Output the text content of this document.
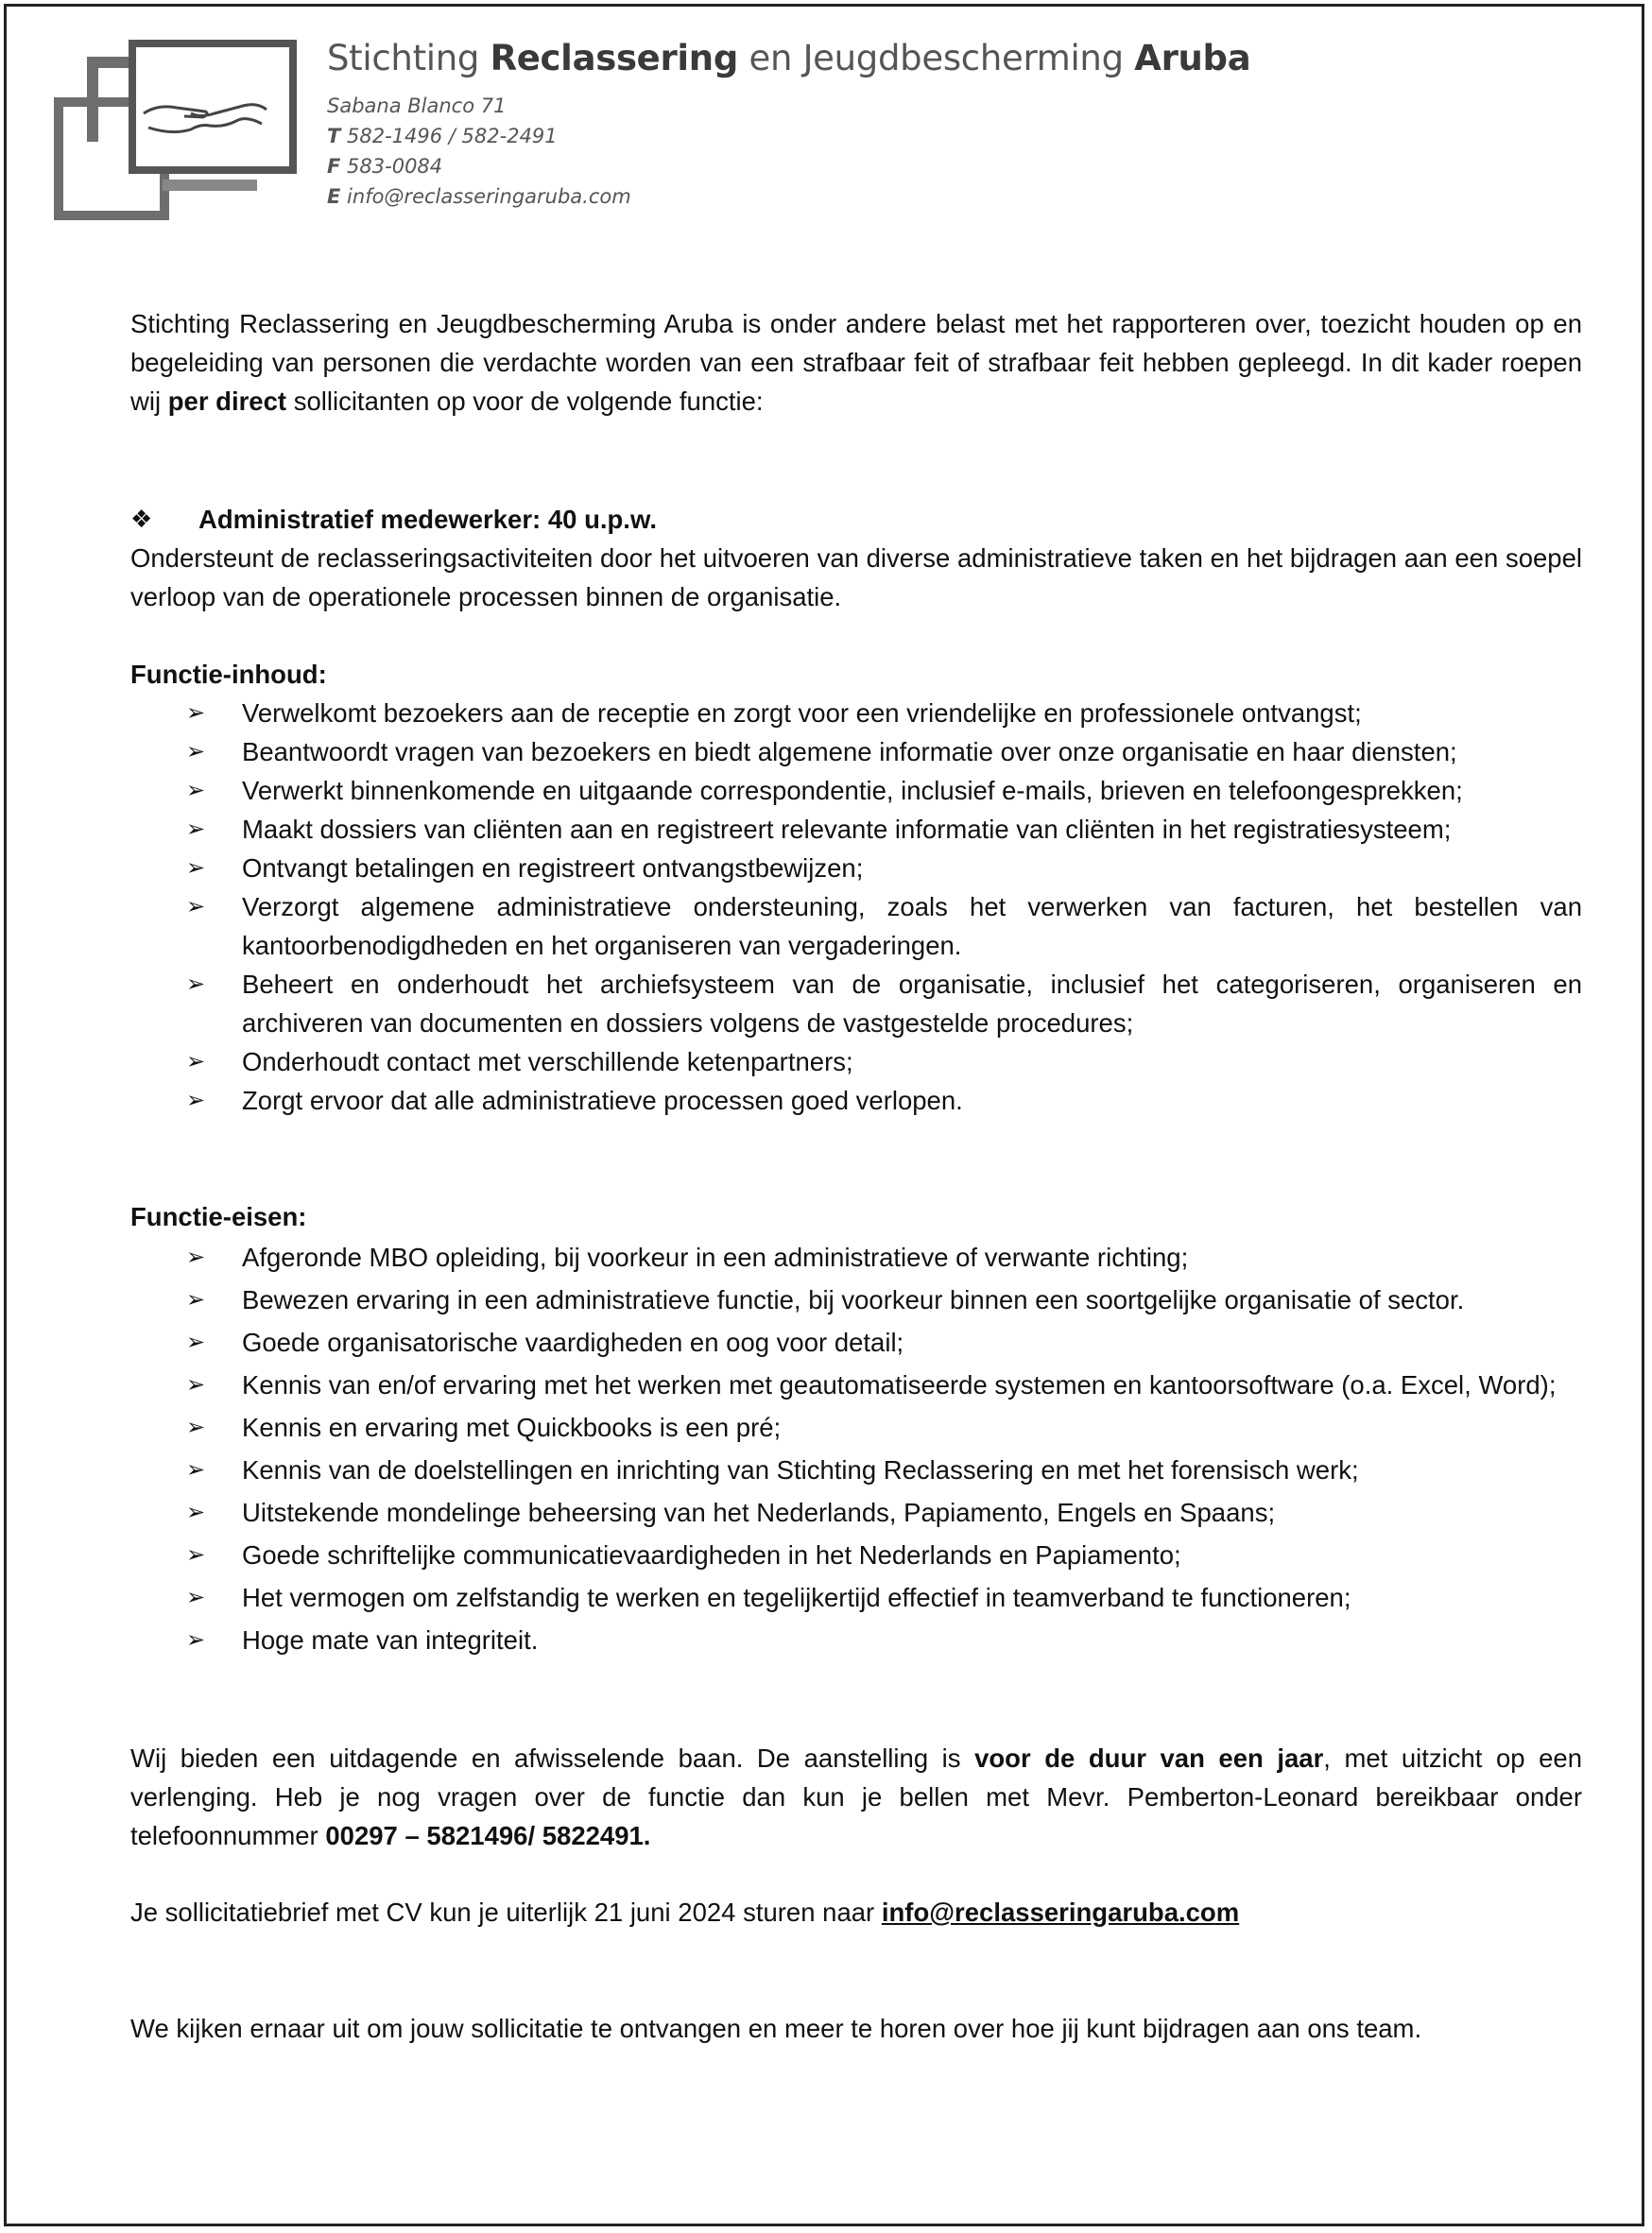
Stichting Reclassering en Jeugdbescherming Aruba
Sabana Blanco 71
T 582-1496 / 582-2491
F 583-0084
E info@reclasseringaruba.com

Stichting Reclassering en Jeugdbescherming Aruba is onder andere belast met het rapporteren over, toezicht houden op en begeleiding van personen die verdachte worden van een strafbaar feit of strafbaar feit hebben gepleegd. In dit kader roepen wij per direct sollicitanten op voor de volgende functie:

❖	Administratief medewerker: 40 u.p.w.

Ondersteunt de reclasseringsactiviteiten door het uitvoeren van diverse administratieve taken en het bijdragen aan een soepel verloop van de operationele processen binnen de organisatie.

Functie-inhoud:
➢ Verwelkomt bezoekers aan de receptie en zorgt voor een vriendelijke en professionele ontvangst;
➢ Beantwoordt vragen van bezoekers en biedt algemene informatie over onze organisatie en haar diensten;
➢ Verwerkt binnenkomende en uitgaande correspondentie, inclusief e-mails, brieven en telefoongesprekken;
➢ Maakt dossiers van cliënten aan en registreert relevante informatie van cliënten in het registratiesysteem;
➢ Ontvangt betalingen en registreert ontvangstbewijzen;
➢ Verzorgt algemene administratieve ondersteuning, zoals het verwerken van facturen, het bestellen van kantoorbenodigdheden en het organiseren van vergaderingen.
➢ Beheert en onderhoudt het archiefsysteem van de organisatie, inclusief het categoriseren, organiseren en archiveren van documenten en dossiers volgens de vastgestelde procedures;
➢ Onderhoudt contact met verschillende ketenpartners;
➢ Zorgt ervoor dat alle administratieve processen goed verlopen.
Functie-eisen:
➢ Afgeronde MBO opleiding, bij voorkeur in een administratieve of verwante richting;
➢ Bewezen ervaring in een administratieve functie, bij voorkeur binnen een soortgelijke organisatie of sector.
➢ Goede organisatorische vaardigheden en oog voor detail;
➢ Kennis van en/of ervaring met het werken met geautomatiseerde systemen en kantoorsoftware (o.a. Excel, Word);
➢ Kennis en ervaring met Quickbooks is een pré;
➢ Kennis van de doelstellingen en inrichting van Stichting Reclassering en met het forensisch werk;
➢ Uitstekende mondelinge beheersing van het Nederlands, Papiamento, Engels en Spaans;
➢ Goede schriftelijke communicatievaardigheden in het Nederlands en Papiamento;
➢ Het vermogen om zelfstandig te werken en tegelijkertijd effectief in teamverband te functioneren;
➢ Hoge mate van integriteit.

Wij bieden een uitdagende en afwisselende baan. De aanstelling is voor de duur van een jaar, met uitzicht op een verlenging. Heb je nog vragen over de functie dan kun je bellen met Mevr. Pemberton-Leonard bereikbaar onder telefoonnummer 00297 – 5821496/ 5822491.

Je sollicitatiebrief met CV kun je uiterlijk 21 juni 2024 sturen naar info@reclasseringaruba.com

We kijken ernaar uit om jouw sollicitatie te ontvangen en meer te horen over hoe jij kunt bijdragen aan ons team.
